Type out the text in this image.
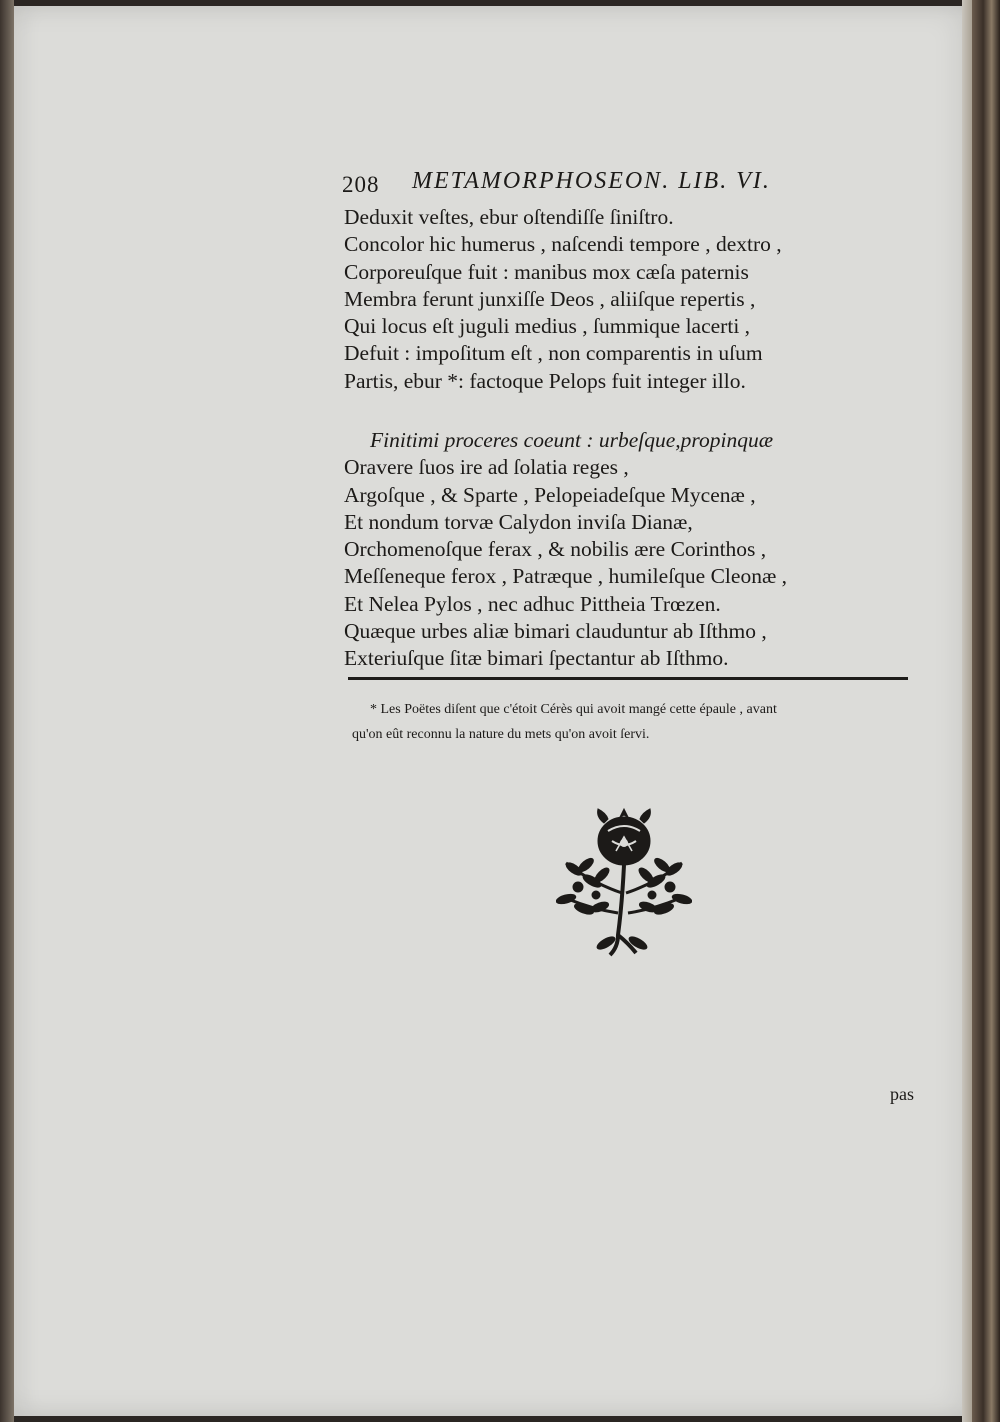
208 METAMORPHOSEON. LIB. VI.
Deduxit veſtes, ebur oſtendiſſe ſiniſtro.
Concolor hic humerus , naſcendi tempore , dextro ,
Corporeuſque fuit : manibus mox cæſa paternis
Membra ferunt junxiſſe Deos , aliiſque repertis ,
Qui locus eſt juguli medius , ſummique lacerti ,
Defuit : impoſitum eſt , non comparentis in uſum
Partis, ebur *: factoque Pelops fuit integer illo.
Finitimi proceres coeunt : urbeſque,propinquæ
Oravere ſuos ire ad ſolatia reges ,
Argoſque , & Sparte , Pelopeiadeſque Mycenæ ,
Et nondum torvæ Calydon inviſa Dianæ,
Orchomenoſque ferax , & nobilis ære Corinthos ,
Meſſeneque ferox , Patræque , humileſque Cleonæ ,
Et Nelea Pylos , nec adhuc Pittheia Trœzen.
Quæque urbes aliæ bimari clauduntur ab Iſthmo ,
Exteriuſque ſitæ bimari ſpectantur ab Iſthmo.
* Les Poëtes diſent que c'étoit Cérès qui avoit mangé cette épaule , avant
qu'on eût reconnu la nature du mets qu'on avoit ſervi.
pas
